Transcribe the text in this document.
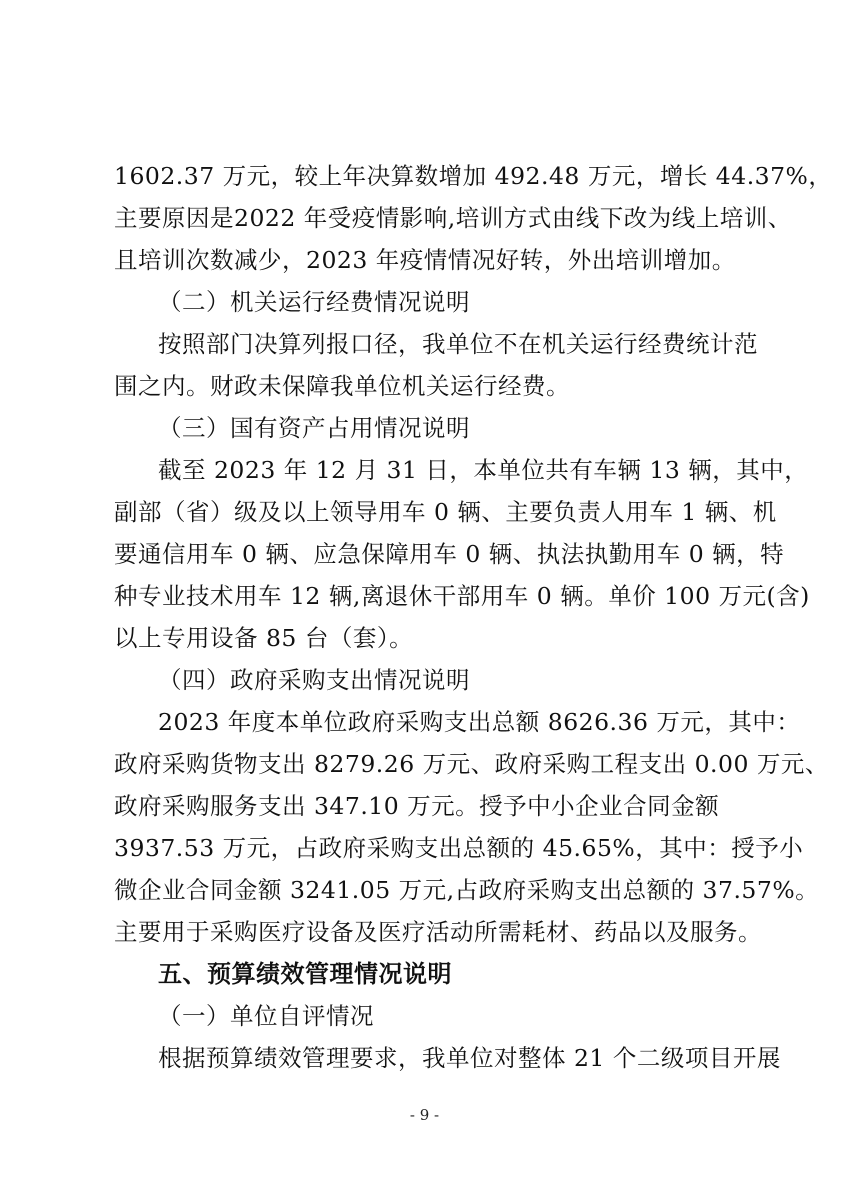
1602.37 万元，较上年决算数增加 492.48 万元，增长 44.37%，
主要原因是2022 年受疫情影响,培训方式由线下改为线上培训、
且培训次数减少，2023 年疫情情况好转，外出培训增加。
（二）机关运行经费情况说明
按照部门决算列报口径，我单位不在机关运行经费统计范
围之内。财政未保障我单位机关运行经费。
（三）国有资产占用情况说明
截至 2023 年 12 月 31 日，本单位共有车辆 13 辆，其中，
副部（省）级及以上领导用车 0 辆、主要负责人用车 1 辆、机
要通信用车 0 辆、应急保障用车 0 辆、执法执勤用车 0 辆，特
种专业技术用车 12 辆,离退休干部用车 0 辆。单价 100 万元(含)
以上专用设备 85 台（套）。
（四）政府采购支出情况说明
2023 年度本单位政府采购支出总额 8626.36 万元，其中：
政府采购货物支出 8279.26 万元、政府采购工程支出 0.00 万元、
政府采购服务支出 347.10 万元。授予中小企业合同金额
3937.53 万元，占政府采购支出总额的 45.65%，其中：授予小
微企业合同金额 3241.05 万元,占政府采购支出总额的 37.57%。
主要用于采购医疗设备及医疗活动所需耗材、药品以及服务。
五、预算绩效管理情况说明
（一）单位自评情况
根据预算绩效管理要求，我单位对整体 21 个二级项目开展
- 9 -
